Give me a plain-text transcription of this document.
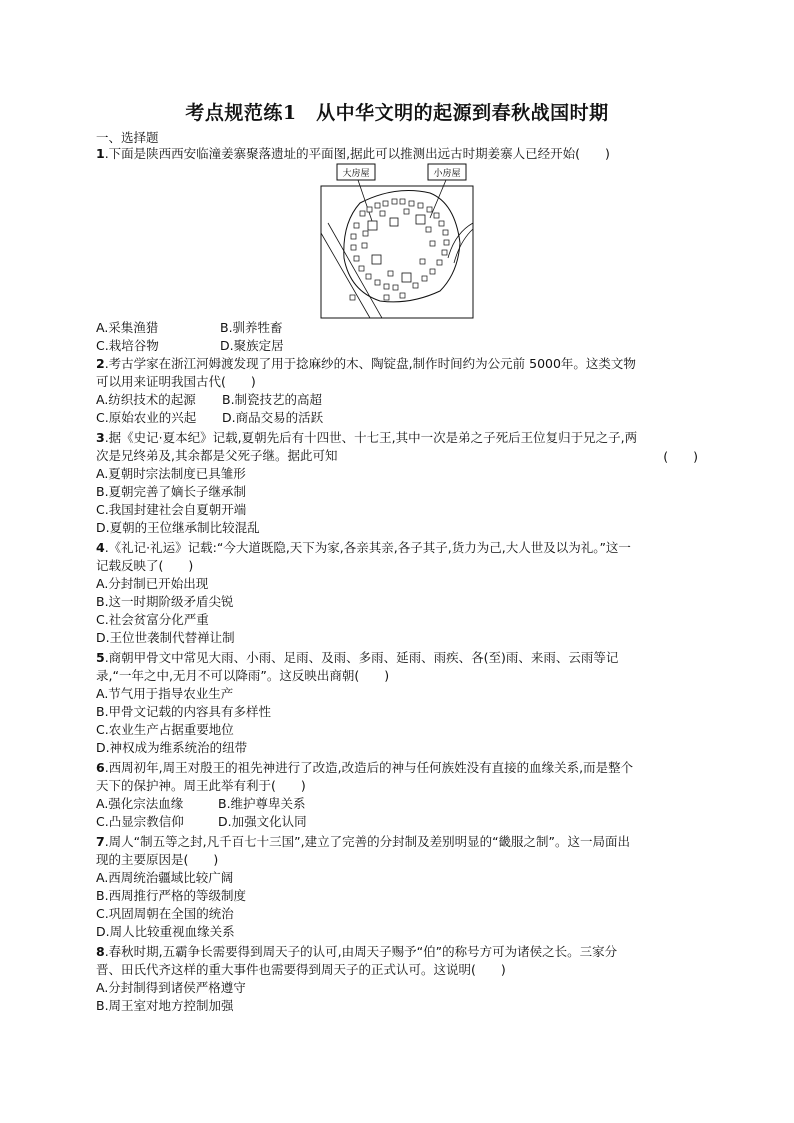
考点规范练1　从中华文明的起源到春秋战国时期
一、选择题
1.下面是陕西西安临潼姜寨聚落遗址的平面图,据此可以推测出远古时期姜寨人已经开始(　　)
大房屋	小房屋
A.采集渔猎	B.驯养牲畜
C.栽培谷物	D.聚族定居
2.考古学家在浙江河姆渡发现了用于捻麻纱的木、陶锭盘,制作时间约为公元前 5000年。这类文物
可以用来证明我国古代(　　)
A.纺织技术的起源 B.制瓷技艺的高超
C.原始农业的兴起 D.商品交易的活跃
3.据《史记·夏本纪》记载,夏朝先后有十四世、十七王,其中一次是弟之子死后王位复归于兄之子,两
次是兄终弟及,其余都是父死子继。据此可知	(　　)
A.夏朝时宗法制度已具雏形
B.夏朝完善了嫡长子继承制
C.我国封建社会自夏朝开端
D.夏朝的王位继承制比较混乱
4.《礼记·礼运》记载:“今大道既隐,天下为家,各亲其亲,各子其子,货力为己,大人世及以为礼。”这一
记载反映了(　　)
A.分封制已开始出现
B.这一时期阶级矛盾尖锐
C.社会贫富分化严重
D.王位世袭制代替禅让制
5.商朝甲骨文中常见大雨、小雨、足雨、及雨、多雨、延雨、雨疾、各(至)雨、来雨、云雨等记
录,“一年之中,无月不可以降雨”。这反映出商朝(　　)
A.节气用于指导农业生产
B.甲骨文记载的内容具有多样性
C.农业生产占据重要地位
D.神权成为维系统治的纽带
6.西周初年,周王对殷王的祖先神进行了改造,改造后的神与任何族姓没有直接的血缘关系,而是整个
天下的保护神。周王此举有利于(　　)
A.强化宗法血缘	B.维护尊卑关系
C.凸显宗教信仰	D.加强文化认同
7.周人“制五等之封,凡千百七十三国”,建立了完善的分封制及差别明显的“畿服之制”。这一局面出
现的主要原因是(　　)
A.西周统治疆域比较广阔
B.西周推行严格的等级制度
C.巩固周朝在全国的统治
D.周人比较重视血缘关系
8.春秋时期,五霸争长需要得到周天子的认可,由周天子赐予“伯”的称号方可为诸侯之长。三家分
晋、田氏代齐这样的重大事件也需要得到周天子的正式认可。这说明(　　)
A.分封制得到诸侯严格遵守
B.周王室对地方控制加强
